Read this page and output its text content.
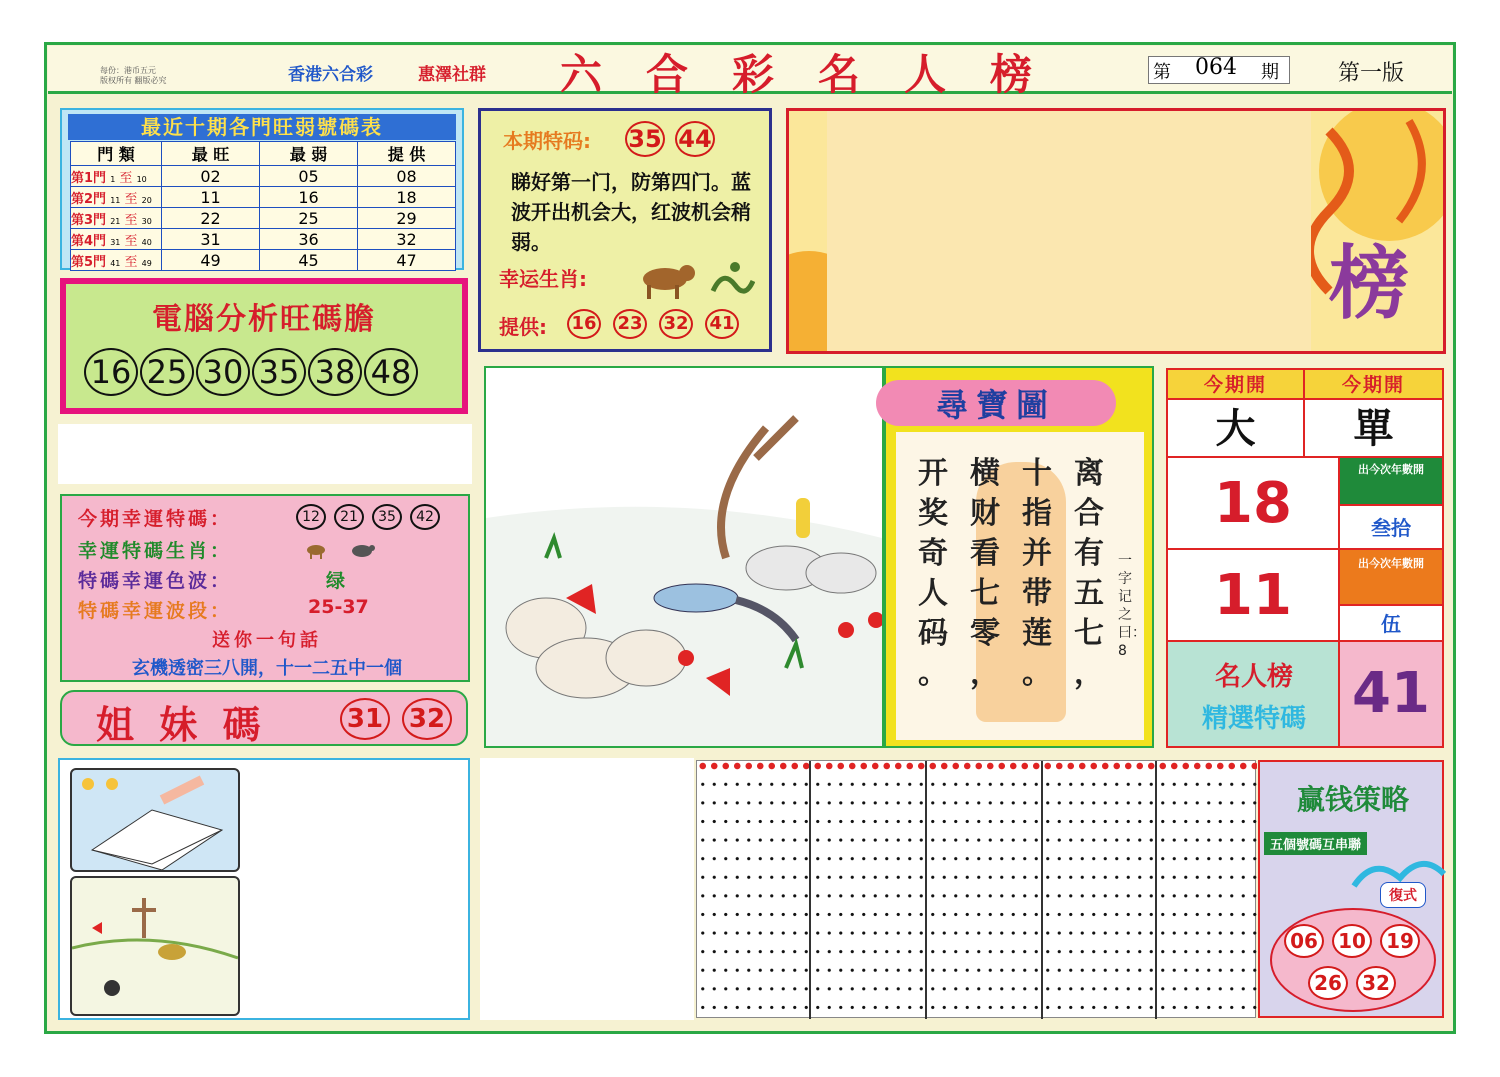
每份：港币五元
版权所有 翻版必究	香港六合彩	惠澤社群 六合彩名人榜	第 064 期	第一版
最近十期各門旺弱號碼表
門 類	最 旺	最 弱	提 供
第1門 1 至 10	02	05	08
第2門 11 至 20	11	16	18
第3門 21 至 30	22	25	29
第4門 31 至 40	31	36	32
第5門 41 至 49	49	45	47
電腦分析旺碼膽
16 25 30 35 38 48
本期特码: 35 44
睇好第一门，防第四门。蓝波开出机会大，红波机会稍弱。
幸运生肖:
提供: 16 23 32 41	榜
今期幸運特碼：	12	21	35	42
幸運特碼生肖：
特碼幸運色波：	绿
特碼幸運波段：	25-37
送你一句話
玄機透密三八開，十一二五中一個
姐 妹 碼	31 32
尋寶圖
离合有五七
十指并带莲
横财看七零
开奖奇人码
，
。
，
。
一字记之曰：8
今期開	今期開
大	單
18
出今次年數開
叁拾
11	出今次年數開
伍
名人榜
精選特碼 41
赢钱策略
五個號碼互串聯
復式
06	10	19
26	32
